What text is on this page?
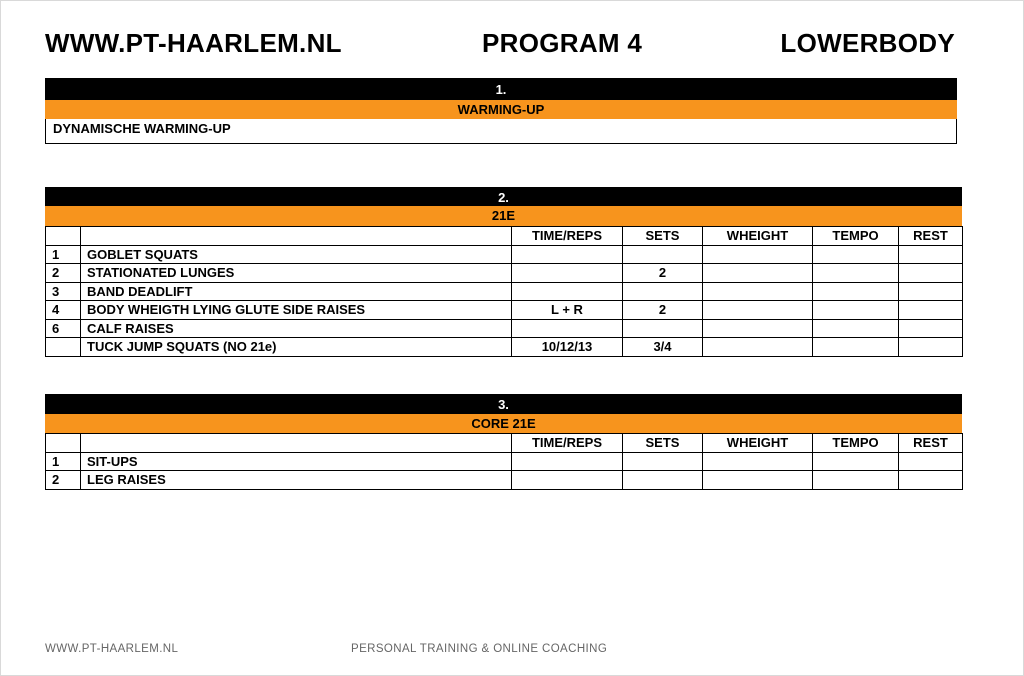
WWW.PT-HAARLEM.NL	PROGRAM 4	LOWERBODY
1.
WARMING-UP
DYNAMISCHE WARMING-UP
2.
21E
		TIME/REPS	SETS	WHEIGHT	TEMPO	REST
1	GOBLET SQUATS					
2	STATIONATED LUNGES		2			
3	BAND DEADLIFT					
4	BODY WHEIGTH LYING GLUTE SIDE RAISES	L + R	2			
6	CALF RAISES					
	TUCK JUMP SQUATS (NO 21e)	10/12/13	3/4			
3.
CORE 21E
		TIME/REPS	SETS	WHEIGHT	TEMPO	REST
1	SIT-UPS					
2	LEG RAISES					
WWW.PT-HAARLEM.NL	PERSONAL TRAINING & ONLINE COACHING
